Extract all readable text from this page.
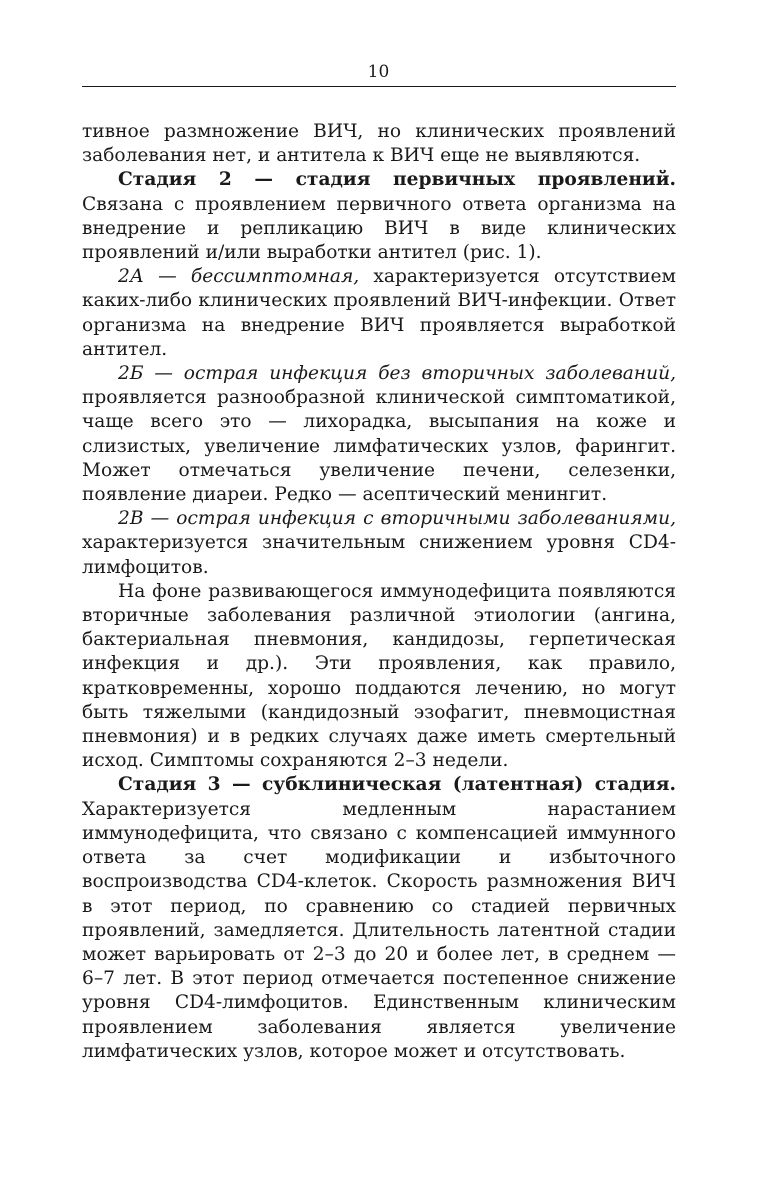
10

тивное размножение ВИЧ, но клинических проявлений заболевания нет, и антитела к ВИЧ еще не выявляются.

Стадия 2 — стадия первичных проявлений. Связана с проявлением первичного ответа организма на внедрение и репликацию ВИЧ в виде клинических проявлений и/или выработки антител (рис. 1).

2А — бессимптомная, характеризуется отсутствием каких-либо клинических проявлений ВИЧ-инфекции. Ответ организма на внедрение ВИЧ проявляется выработкой антител.

2Б — острая инфекция без вторичных заболеваний, проявляется разнообразной клинической симптоматикой, чаще всего это — лихорадка, высыпания на коже и слизистых, увеличение лимфатических узлов, фарингит. Может отмечаться увеличение печени, селезенки, появление диареи. Редко — асептический менингит.

2В — острая инфекция с вторичными заболеваниями, характеризуется значительным снижением уровня CD4-лимфоцитов.

На фоне развивающегося иммунодефицита появляются вторичные заболевания различной этиологии (ангина, бактериальная пневмония, кандидозы, герпетическая инфекция и др.). Эти проявления, как правило, кратковременны, хорошо поддаются лечению, но могут быть тяжелыми (кандидозный эзофагит, пневмоцистная пневмония) и в редких случаях даже иметь смертельный исход. Симптомы сохраняются 2–3 недели.

Стадия 3 — субклиническая (латентная) стадия. Характеризуется медленным нарастанием иммунодефицита, что связано с компенсацией иммунного ответа за счет модификации и избыточного воспроизводства CD4-клеток. Скорость размножения ВИЧ в этот период, по сравнению со стадией первичных проявлений, замедляется. Длительность латентной стадии может варьировать от 2–3 до 20 и более лет, в среднем — 6–7 лет. В этот период отмечается постепенное снижение уровня CD4-лимфоцитов. Единственным клиническим проявлением заболевания является увеличение лимфатических узлов, которое может и отсутствовать.
